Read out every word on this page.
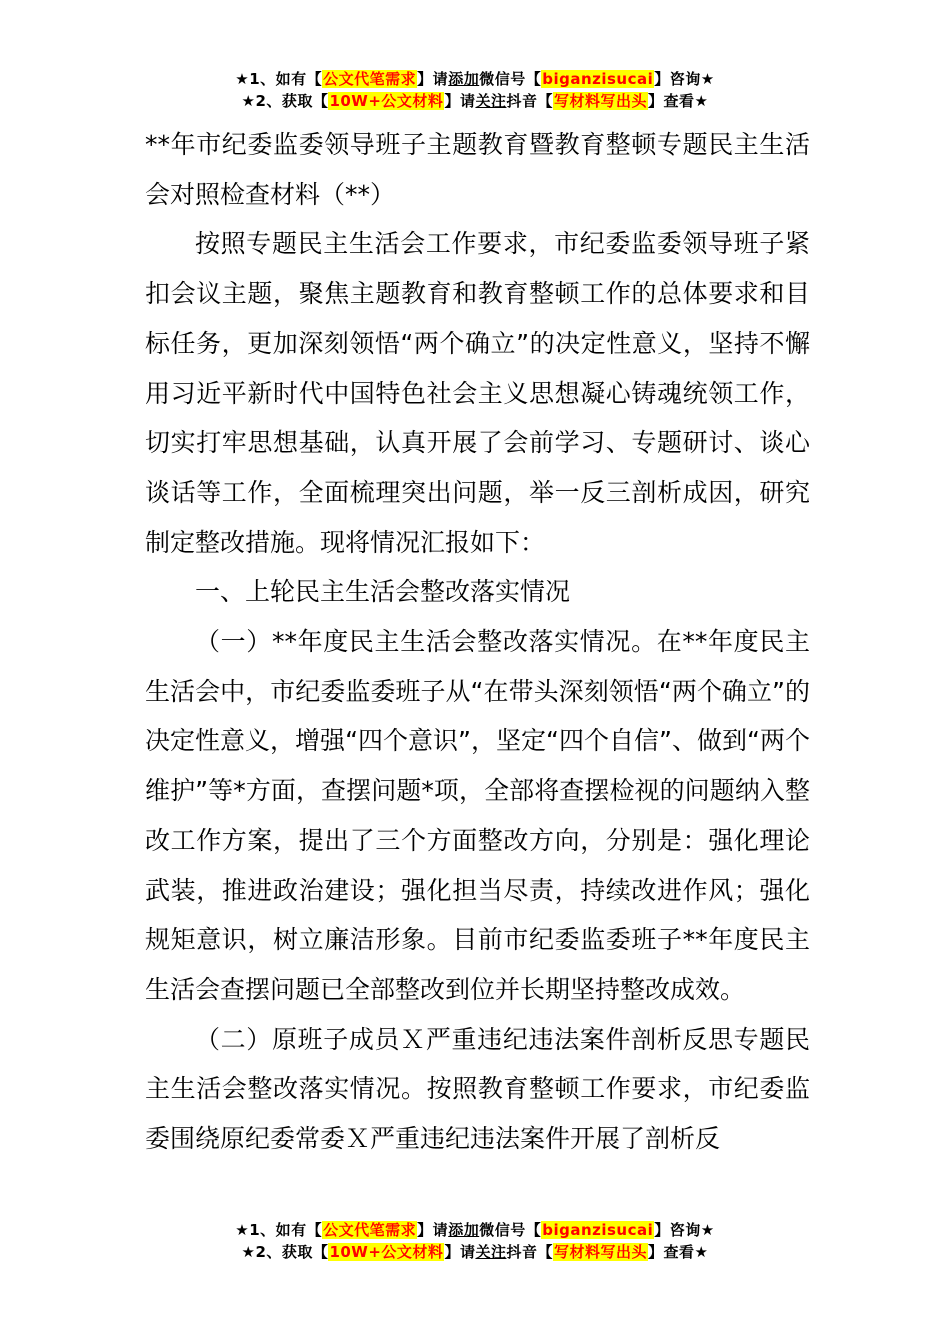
★1、如有【公文代笔需求】请添加微信号【biganzisucai】咨询★
★2、获取【10W+公文材料】请关注抖音【写材料写出头】查看★

**年市纪委监委领导班子主题教育暨教育整顿专题民主生活会对照检查材料（**）

按照专题民主生活会工作要求，市纪委监委领导班子紧扣会议主题，聚焦主题教育和教育整顿工作的总体要求和目标任务，更加深刻领悟“两个确立”的决定性意义，坚持不懈用习近平新时代中国特色社会主义思想凝心铸魂统领工作，切实打牢思想基础，认真开展了会前学习、专题研讨、谈心谈话等工作，全面梳理突出问题，举一反三剖析成因，研究制定整改措施。现将情况汇报如下：

一、上轮民主生活会整改落实情况

（一）**年度民主生活会整改落实情况。在**年度民主生活会中，市纪委监委班子从“在带头深刻领悟“两个确立”的决定性意义，增强“四个意识”，坚定“四个自信”、做到“两个维护”等*方面，查摆问题*项，全部将查摆检视的问题纳入整改工作方案，提出了三个方面整改方向，分别是：强化理论武装，推进政治建设；强化担当尽责，持续改进作风；强化规矩意识，树立廉洁形象。目前市纪委监委班子**年度民主生活会查摆问题已全部整改到位并长期坚持整改成效。

（二）原班子成员Ｘ严重违纪违法案件剖析反思专题民主生活会整改落实情况。按照教育整顿工作要求，市纪委监委围绕原纪委常委Ｘ严重违纪违法案件开展了剖析反

★1、如有【公文代笔需求】请添加微信号【biganzisucai】咨询★
★2、获取【10W+公文材料】请关注抖音【写材料写出头】查看★
